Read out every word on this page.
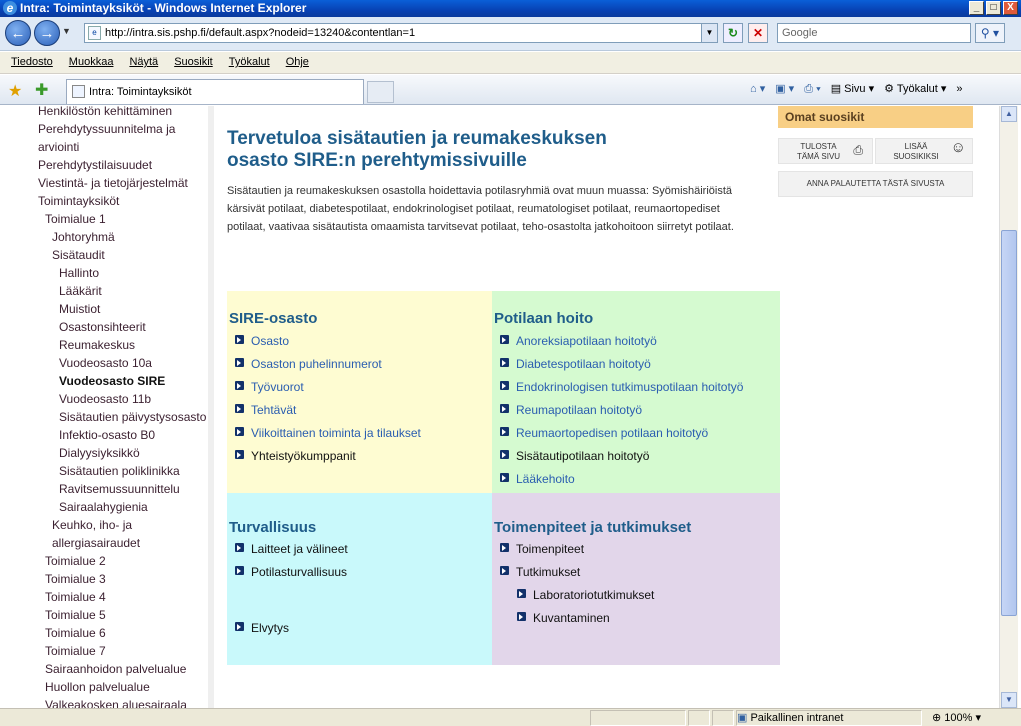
e Intra: Toimintayksiköt - Windows Internet Explorer	_	□	X
← → ▼	e http://intra.sis.pshp.fi/default.aspx?nodeid=13240&contentlan=1	▼	↻	✕	Google	⚲ ▾
Tiedosto Muokkaa Näytä Suosikit Työkalut Ohje
★ ✚	Intra: Toimintayksiköt	⌂ ▾ ▣ ▾ ⎙ ▾ ▤ Sivu ▾ ⚙ Työkalut ▾ »
Henkilöstön kehittäminen
Perehdytyssuunnitelma ja
arviointi
Perehdytystilaisuudet
Viestintä- ja tietojärjestelmät
Toimintayksiköt
Toimialue 1
Johtoryhmä
Sisätaudit
Hallinto
Lääkärit
Muistiot
Osastonsihteerit
Reumakeskus
Vuodeosasto 10a
Vuodeosasto SIRE
Vuodeosasto 11b
Sisätautien päivystysosasto
Infektio-osasto B0
Dialyysiyksikkö
Sisätautien poliklinikka
Ravitsemussuunnittelu
Sairaalahygienia
Keuhko, iho- ja
allergiasairaudet
Toimialue 2
Toimialue 3
Toimialue 4
Toimialue 5
Toimialue 6
Toimialue 7
Sairaanhoidon palvelualue
Huollon palvelualue
Valkeakosken aluesairaala
Tervetuloa sisätautien ja reumakeskuksen
osasto SIRE:n perehtymissivuille
Sisätautien ja reumakeskuksen osastolla hoidettavia potilasryhmiä ovat muun muassa: Syömishäiriöistä kärsivät potilaat, diabetespotilaat, endokrinologiset potilaat, reumatologiset potilaat, reumaortopediset potilaat, vaativaa sisätautista omaamista tarvitsevat potilaat, teho-osastolta jatkohoitoon siirretyt potilaat.
SIRE-osasto
Osasto
Osaston puhelinnumerot
Työvuorot
Tehtävät
Viikoittainen toiminta ja tilaukset
Yhteistyökumppanit
Potilaan hoito
Anoreksiapotilaan hoitotyö
Diabetespotilaan hoitotyö
Endokrinologisen tutkimuspotilaan hoitotyö
Reumapotilaan hoitotyö
Reumaortopedisen potilaan hoitotyö
Sisätautipotilaan hoitotyö
Lääkehoito
Turvallisuus
Laitteet ja välineet
Potilasturvallisuus
Elvytys
Toimenpiteet ja tutkimukset
Toimenpiteet
Tutkimukset
Laboratoriotutkimukset
Kuvantaminen
Omat suosikit
TULOSTA
TÄMÄ SIVU	⎙	LISÄÄ
SUOSIKIKSI
☺
ANNA PALAUTETTA TÄSTÄ SIVUSTA
▲
▼
▣ Paikallinen intranet	⊕ 100% ▾
